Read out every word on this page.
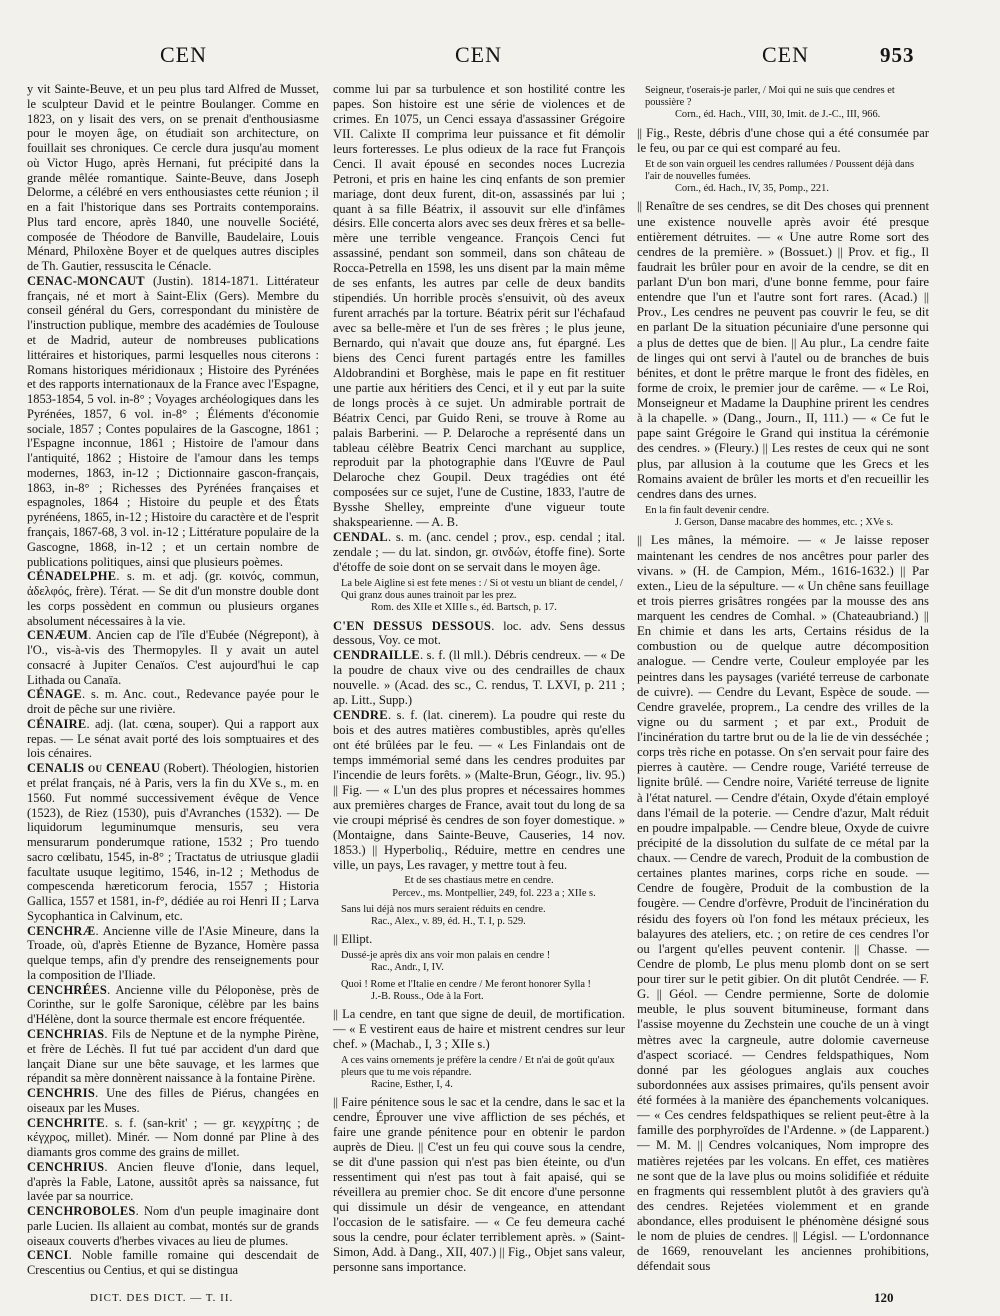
CEN	CEN	CEN	953

y vit Sainte-Beuve, et un peu plus tard Alfred de Musset, le sculpteur David et le peintre Boulanger. Comme en 1823, on y lisait des vers, on se prenait d'enthousiasme pour le moyen âge, on étudiait son architecture, on fouillait ses chroniques. Ce cercle dura jusqu'au moment où Victor Hugo, après Hernani, fut précipité dans la grande mêlée romantique. Sainte-Beuve, dans Joseph Delorme, a célébré en vers enthousiastes cette réunion ; il en a fait l'historique dans ses Portraits contemporains. Plus tard encore, après 1840, une nouvelle Société, composée de Théodore de Banville, Baudelaire, Louis Ménard, Philoxène Boyer et de quelques autres disciples de Th. Gautier, ressuscita le Cénacle.

CENAC-MONCAUT (Justin). 1814-1871. Littérateur français, né et mort à Saint-Elix (Gers). Membre du conseil général du Gers, correspondant du ministère de l'instruction publique, membre des académies de Toulouse et de Madrid, auteur de nombreuses publications littéraires et historiques, parmi lesquelles nous citerons : Romans historiques méridionaux ; Histoire des Pyrénées et des rapports internationaux de la France avec l'Espagne, 1853-1854, 5 vol. in-8° ; Voyages archéologiques dans les Pyrénées, 1857, 6 vol. in-8° ; Éléments d'économie sociale, 1857 ; Contes populaires de la Gascogne, 1861 ; l'Espagne inconnue, 1861 ; Histoire de l'amour dans l'antiquité, 1862 ; Histoire de l'amour dans les temps modernes, 1863, in-12 ; Dictionnaire gascon-français, 1863, in-8° ; Richesses des Pyrénées françaises et espagnoles, 1864 ; Histoire du peuple et des États pyrénéens, 1865, in-12 ; Histoire du caractère et de l'esprit français, 1867-68, 3 vol. in-12 ; Littérature populaire de la Gascogne, 1868, in-12 ; et un certain nombre de publications politiques, ainsi que plusieurs poèmes.

CÉNADELPHE. s. m. et adj. (gr. κοινός, commun, ἀδελφός, frère). Térat. — Se dit d'un monstre double dont les corps possèdent en commun ou plusieurs organes absolument nécessaires à la vie.

CENÆUM. Ancien cap de l'île d'Eubée (Négrepont), à l'O., vis-à-vis des Thermopyles. Il y avait un autel consacré à Jupiter Cenaïos. C'est aujourd'hui le cap Lithada ou Canaïa.

CÉNAGE. s. m. Anc. cout., Redevance payée pour le droit de pêche sur une rivière.

CÉNAIRE. adj. (lat. cœna, souper). Qui a rapport aux repas. — Le sénat avait porté des lois somptuaires et des lois cénaires.

CENALIS ou CENEAU (Robert). Théologien, historien et prélat français, né à Paris, vers la fin du XVe s., m. en 1560. Fut nommé successivement évêque de Vence (1523), de Riez (1530), puis d'Avranches (1532). — De liquidorum leguminumque mensuris, seu vera mensurarum ponderumque ratione, 1532 ; Pro tuendo sacro cœlibatu, 1545, in-8° ; Tractatus de utriusque gladii facultate usuque legitimo, 1546, in-12 ; Methodus de compescenda hæreticorum ferocia, 1557 ; Historia Gallica, 1557 et 1581, in-f°, dédiée au roi Henri II ; Larva Sycophantica in Calvinum, etc.

CENCHRÆ. Ancienne ville de l'Asie Mineure, dans la Troade, où, d'après Etienne de Byzance, Homère passa quelque temps, afin d'y prendre des renseignements pour la composition de l'Iliade.

CENCHRÉES. Ancienne ville du Péloponèse, près de Corinthe, sur le golfe Saronique, célèbre par les bains d'Hélène, dont la source thermale est encore fréquentée.

CENCHRIAS. Fils de Neptune et de la nymphe Pirène, et frère de Léchès. Il fut tué par accident d'un dard que lançait Diane sur une bête sauvage, et les larmes que répandit sa mère donnèrent naissance à la fontaine Pirène.

CENCHRIS. Une des filles de Piérus, changées en oiseaux par les Muses.

CENCHRITE. s. f. (san-krit' ; — gr. κεγχρίτης ; de κέγχρος, millet). Minér. — Nom donné par Pline à des diamants gros comme des grains de millet.

CENCHRIUS. Ancien fleuve d'Ionie, dans lequel, d'après la Fable, Latone, aussitôt après sa naissance, fut lavée par sa nourrice.

CENCHROBOLES. Nom d'un peuple imaginaire dont parle Lucien. Ils allaient au combat, montés sur de grands oiseaux couverts d'herbes vivaces au lieu de plumes.

CENCI. Noble famille romaine qui descendait de Crescentius ou Centius, et qui se distingua

comme lui par sa turbulence et son hostilité contre les papes. Son histoire est une série de violences et de crimes. En 1075, un Cenci essaya d'assassiner Grégoire VII. Calixte II comprima leur puissance et fit démolir leurs forteresses. Le plus odieux de la race fut François Cenci. Il avait épousé en secondes noces Lucrezia Petroni, et pris en haine les cinq enfants de son premier mariage, dont deux furent, dit-on, assassinés par lui ; quant à sa fille Béatrix, il assouvit sur elle d'infâmes désirs. Elle concerta alors avec ses deux frères et sa belle-mère une terrible vengeance. François Cenci fut assassiné, pendant son sommeil, dans son château de Rocca-Petrella en 1598, les uns disent par la main même de ses enfants, les autres par celle de deux bandits stipendiés. Un horrible procès s'ensuivit, où des aveux furent arrachés par la torture. Béatrix périt sur l'échafaud avec sa belle-mère et l'un de ses frères ; le plus jeune, Bernardo, qui n'avait que douze ans, fut épargné. Les biens des Cenci furent partagés entre les familles Aldobrandini et Borghèse, mais le pape en fit restituer une partie aux héritiers des Cenci, et il y eut par la suite de longs procès à ce sujet. Un admirable portrait de Béatrix Cenci, par Guido Reni, se trouve à Rome au palais Barberini. — P. Delaroche a représenté dans un tableau célèbre Beatrix Cenci marchant au supplice, reproduit par la photographie dans l'Œuvre de Paul Delaroche chez Goupil. Deux tragédies ont été composées sur ce sujet, l'une de Custine, 1833, l'autre de Bysshe Shelley, empreinte d'une vigueur toute shakspearienne. — A. B.

CENDAL. s. m. (anc. cendel ; prov., esp. cendal ; ital. zendale ; — du lat. sindon, gr. σινδών, étoffe fine). Sorte d'étoffe de soie dont on se servait dans le moyen âge.

La bele Aigline si est fete menes : / Si ot vestu un bliant de cendel, / Qui granz dous aunes trainoit par les prez.
Rom. des XIIe et XIIIe s., éd. Bartsch, p. 17.

C'EN DESSUS DESSOUS. loc. adv. Sens dessus dessous, Voy. ce mot.

CENDRAILLE. s. f. (ll mll.). Débris cendreux. — « De la poudre de chaux vive ou des cendrailles de chaux nouvelle. » (Acad. des sc., C. rendus, T. LXVI, p. 211 ; ap. Litt., Supp.)

CENDRE. s. f. (lat. cinerem). La poudre qui reste du bois et des autres matières combustibles, après qu'elles ont été brûlées par le feu. — « Les Finlandais ont de temps immémorial semé dans les cendres produites par l'incendie de leurs forêts. » (Malte-Brun, Géogr., liv. 95.) || Fig. — « L'un des plus propres et nécessaires hommes aux premières charges de France, avait tout du long de sa vie croupi méprisé ès cendres de son foyer domestique. » (Montaigne, dans Sainte-Beuve, Causeries, 14 nov. 1853.) || Hyperboliq., Réduire, mettre en cendres une ville, un pays, Les ravager, y mettre tout à feu.

Et de ses chastiaus metre en cendre.
Perceν., ms. Montpellier, 249, fol. 223 a ; XIIe s.
Sans lui déjà nos murs seraient réduits en cendre.
Rac., Alex., v. 89, éd. H., T. I, p. 529.

|| Ellipt.

Dussé-je après dix ans voir mon palais en cendre !
Rac., Andr., I, IV.
Quoi ! Rome et l'Italie en cendre / Me feront honorer Sylla !
J.-B. Rouss., Ode à la Fort.

|| La cendre, en tant que signe de deuil, de mortification. — « E vestirent eaus de haire et mistrent cendres sur leur chef. » (Machab., I, 3 ; XIIe s.)

A ces vains ornements je préfère la cendre / Et n'ai de goût qu'aux pleurs que tu me vois répandre.
Racine, Esther, I, 4.

|| Faire pénitence sous le sac et la cendre, dans le sac et la cendre, Éprouver une vive affliction de ses péchés, et faire une grande pénitence pour en obtenir le pardon auprès de Dieu. || C'est un feu qui couve sous la cendre, se dit d'une passion qui n'est pas bien éteinte, ou d'un ressentiment qui n'est pas tout à fait apaisé, qui se réveillera au premier choc. Se dit encore d'une personne qui dissimule un désir de vengeance, en attendant l'occasion de le satisfaire. — « Ce feu demeura caché sous la cendre, pour éclater terriblement après. » (Saint-Simon, Add. à Dang., XII, 407.) || Fig., Objet sans valeur, personne sans importance.

Seigneur, t'oserais-je parler, / Moi qui ne suis que cendres et poussière ?
Corn., éd. Hach., VIII, 30, Imit. de J.-C., III, 966.

|| Fig., Reste, débris d'une chose qui a été consumée par le feu, ou par ce qui est comparé au feu.

Et de son vain orgueil les cendres rallumées / Poussent déjà dans l'air de nouvelles fumées.
Corn., éd. Hach., IV, 35, Pomp., 221.

|| Renaître de ses cendres, se dit Des choses qui prennent une existence nouvelle après avoir été presque entièrement détruites. — « Une autre Rome sort des cendres de la première. » (Bossuet.) || Prov. et fig., Il faudrait les brûler pour en avoir de la cendre, se dit en parlant D'un bon mari, d'une bonne femme, pour faire entendre que l'un et l'autre sont fort rares. (Acad.) || Prov., Les cendres ne peuvent pas couvrir le feu, se dit en parlant De la situation pécuniaire d'une personne qui a plus de dettes que de bien. || Au plur., La cendre faite de linges qui ont servi à l'autel ou de branches de buis bénites, et dont le prêtre marque le front des fidèles, en forme de croix, le premier jour de carême. — « Le Roi, Monseigneur et Madame la Dauphine prirent les cendres à la chapelle. » (Dang., Journ., II, 111.) — « Ce fut le pape saint Grégoire le Grand qui institua la cérémonie des cendres. » (Fleury.) || Les restes de ceux qui ne sont plus, par allusion à la coutume que les Grecs et les Romains avaient de brûler les morts et d'en recueillir les cendres dans des urnes.

En la fin fault devenir cendre.
J. Gerson, Danse macabre des hommes, etc. ; XVe s.

|| Les mânes, la mémoire. — « Je laisse reposer maintenant les cendres de nos ancêtres pour parler des vivans. » (H. de Campion, Mém., 1616-1632.) || Par exten., Lieu de la sépulture. — « Un chêne sans feuillage et trois pierres grisâtres rongées par la mousse des ans marquent les cendres de Comhal. » (Chateaubriand.) || En chimie et dans les arts, Certains résidus de la combustion ou de quelque autre décomposition analogue. — Cendre verte, Couleur employée par les peintres dans les paysages (variété terreuse de carbonate de cuivre). — Cendre du Levant, Espèce de soude. — Cendre gravelée, proprem., La cendre des vrilles de la vigne ou du sarment ; et par ext., Produit de l'incinération du tartre brut ou de la lie de vin desséchée ; corps très riche en potasse. On s'en servait pour faire des pierres à cautère. — Cendre rouge, Variété terreuse de lignite brûlé. — Cendre noire, Variété terreuse de lignite à l'état naturel. — Cendre d'étain, Oxyde d'étain employé dans l'émail de la poterie. — Cendre d'azur, Malt réduit en poudre impalpable. — Cendre bleue, Oxyde de cuivre précipité de la dissolution du sulfate de ce métal par la chaux. — Cendre de varech, Produit de la combustion de certaines plantes marines, corps riche en soude. — Cendre de fougère, Produit de la combustion de la fougère. — Cendre d'orfèvre, Produit de l'incinération du résidu des foyers où l'on fond les métaux précieux, les balayures des ateliers, etc. ; on retire de ces cendres l'or ou l'argent qu'elles peuvent contenir. || Chasse. — Cendre de plomb, Le plus menu plomb dont on se sert pour tirer sur le petit gibier. On dit plutôt Cendrée. — F. G. || Géol. — Cendre permienne, Sorte de dolomie meuble, le plus souvent bitumineuse, formant dans l'assise moyenne du Zechstein une couche de un à vingt mètres avec la cargneule, autre dolomie caverneuse d'aspect scoriacé. — Cendres feldspathiques, Nom donné par les géologues anglais aux couches subordonnées aux assises primaires, qu'ils pensent avoir été formées à la manière des épanchements volcaniques. — « Ces cendres feldspathiques se relient peut-être à la famille des porphyroïdes de l'Ardenne. » (de Lapparent.) — M. M. || Cendres volcaniques, Nom impropre des matières rejetées par les volcans. En effet, ces matières ne sont que de la lave plus ou moins solidifiée et réduite en fragments qui ressemblent plutôt à des graviers qu'à des cendres. Rejetées violemment et en grande abondance, elles produisent le phénomène désigné sous le nom de pluies de cendres. || Législ. — L'ordonnance de 1669, renouvelant les anciennes prohibitions, défendait sous

DICT. DES DICT. — T. II.	120
